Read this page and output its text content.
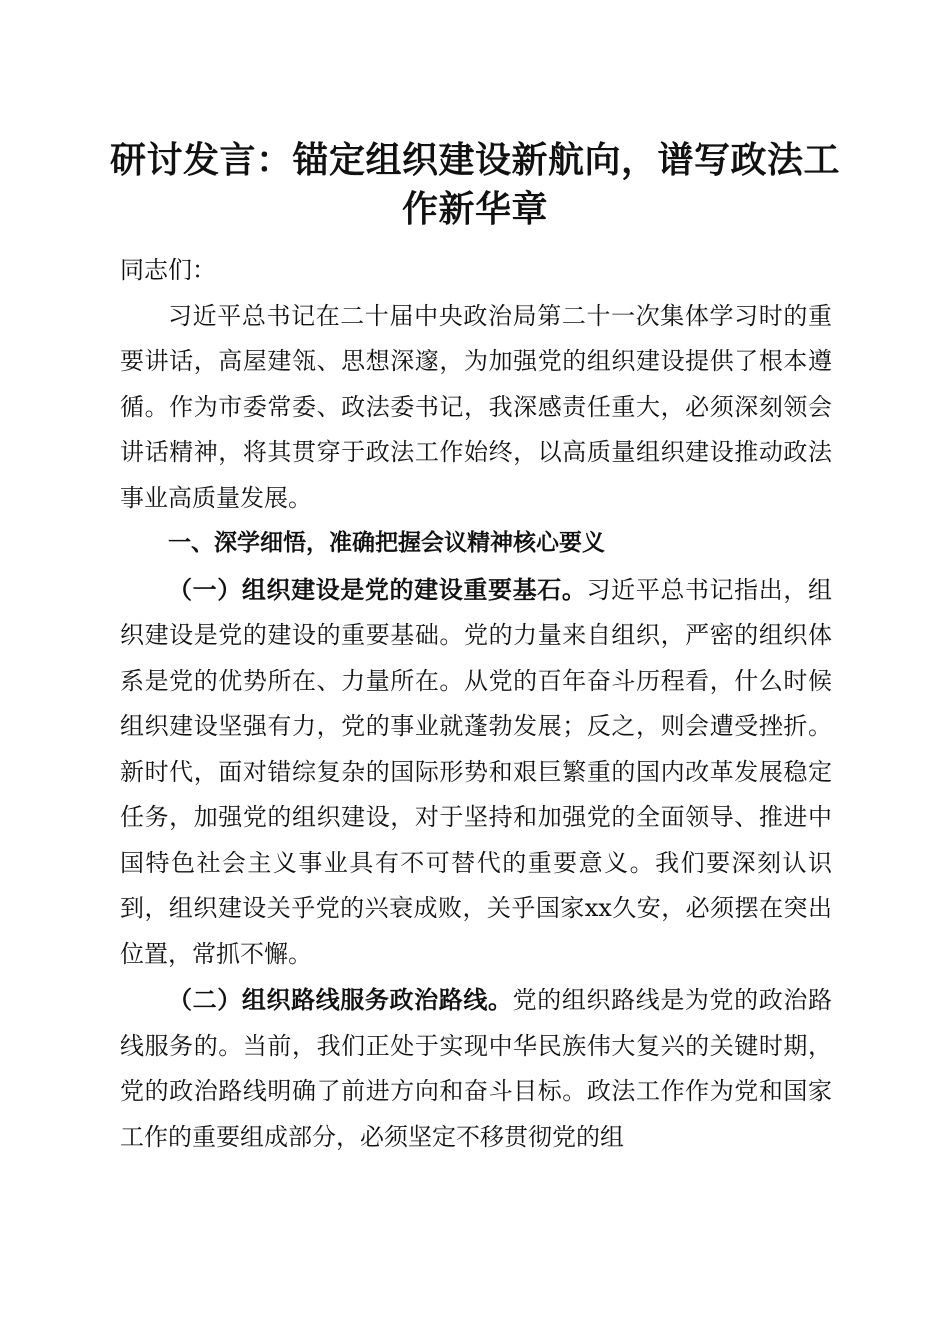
研讨发言：锚定组织建设新航向，谱写政法工作新华章

同志们：

习近平总书记在二十届中央政治局第二十一次集体学习时的重要讲话，高屋建瓴、思想深邃，为加强党的组织建设提供了根本遵循。作为市委常委、政法委书记，我深感责任重大，必须深刻领会讲话精神，将其贯穿于政法工作始终，以高质量组织建设推动政法事业高质量发展。

一、深学细悟，准确把握会议精神核心要义

（一）组织建设是党的建设重要基石。习近平总书记指出，组织建设是党的建设的重要基础。党的力量来自组织，严密的组织体系是党的优势所在、力量所在。从党的百年奋斗历程看，什么时候组织建设坚强有力，党的事业就蓬勃发展；反之，则会遭受挫折。新时代，面对错综复杂的国际形势和艰巨繁重的国内改革发展稳定任务，加强党的组织建设，对于坚持和加强党的全面领导、推进中国特色社会主义事业具有不可替代的重要意义。我们要深刻认识到，组织建设关乎党的兴衰成败，关乎国家xx久安，必须摆在突出位置，常抓不懈。

（二）组织路线服务政治路线。党的组织路线是为党的政治路线服务的。当前，我们正处于实现中华民族伟大复兴的关键时期，党的政治路线明确了前进方向和奋斗目标。政法工作作为党和国家工作的重要组成部分，必须坚定不移贯彻党的组
